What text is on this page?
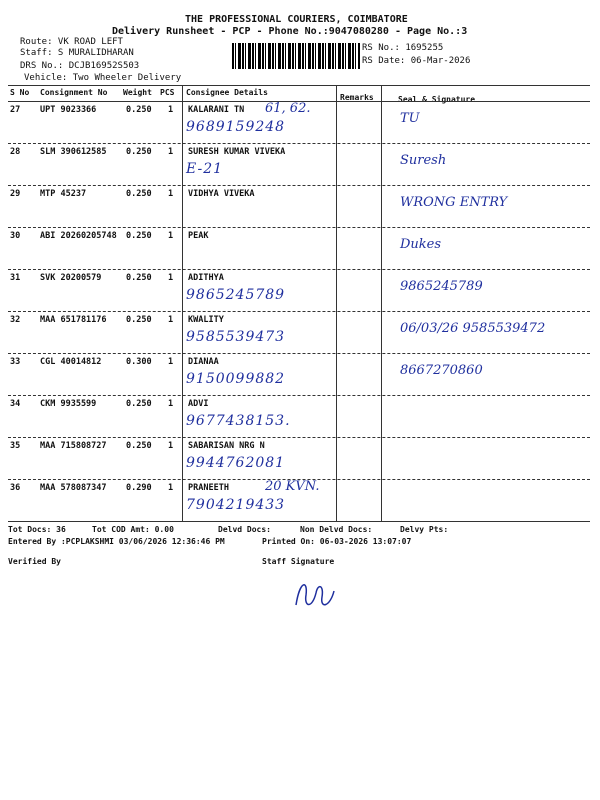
THE PROFESSIONAL COURIERS, COIMBATORE
Delivery Runsheet - PCP - Phone No.:9047080280 - Page No.:3
Route: VK ROAD LEFT
Staff: S MURALIDHARAN
DRS No.: DCJB16952S503
Vehicle: Two Wheeler Delivery
RS No.: 1695255
RS Date: 06-Mar-2026
S No Consignment No Weight PCS Consignee Details
Remarks	Seal & Signature
27 UPT 9023366	0.250 1 KALARANI TN 61, 62.
9689159248
TU
28 SLM 390612585 0.250 1 SURESH KUMAR VIVEKA
E-21
Suresh
29 MTP 45237	0.250 1 VIDHYA VIVEKA
WRONG ENTRY
30 ABI 20260205748 0.250 1 PEAK
Dukes
31 SVK 20200579	0.250 1 ADITHYA
9865245789
9865245789
32 MAA 651781176 0.250 1 KWALITY
9585539473
06/03/26 9585539472
33 CGL 40014812	0.300 1 DIANAA
9150099882
8667270860
34 CKM 9935599	0.250 1 ADVI
9677438153.
35 MAA 715808727 0.250 1 SABARISAN NRG N
9944762081
36 MAA 578087347 0.290 1 PRANEETH	20 KVN.
7904219433
Tot Docs: 36	Tot COD Amt: 0.00	Delvd Docs:	Non Delvd Docs:	Delvy Pts:
Entered By :PCPLAKSHMI 03/06/2026 12:36:46 PM	Printed On: 06-03-2026 13:07:07
Verified By	Staff Signature
